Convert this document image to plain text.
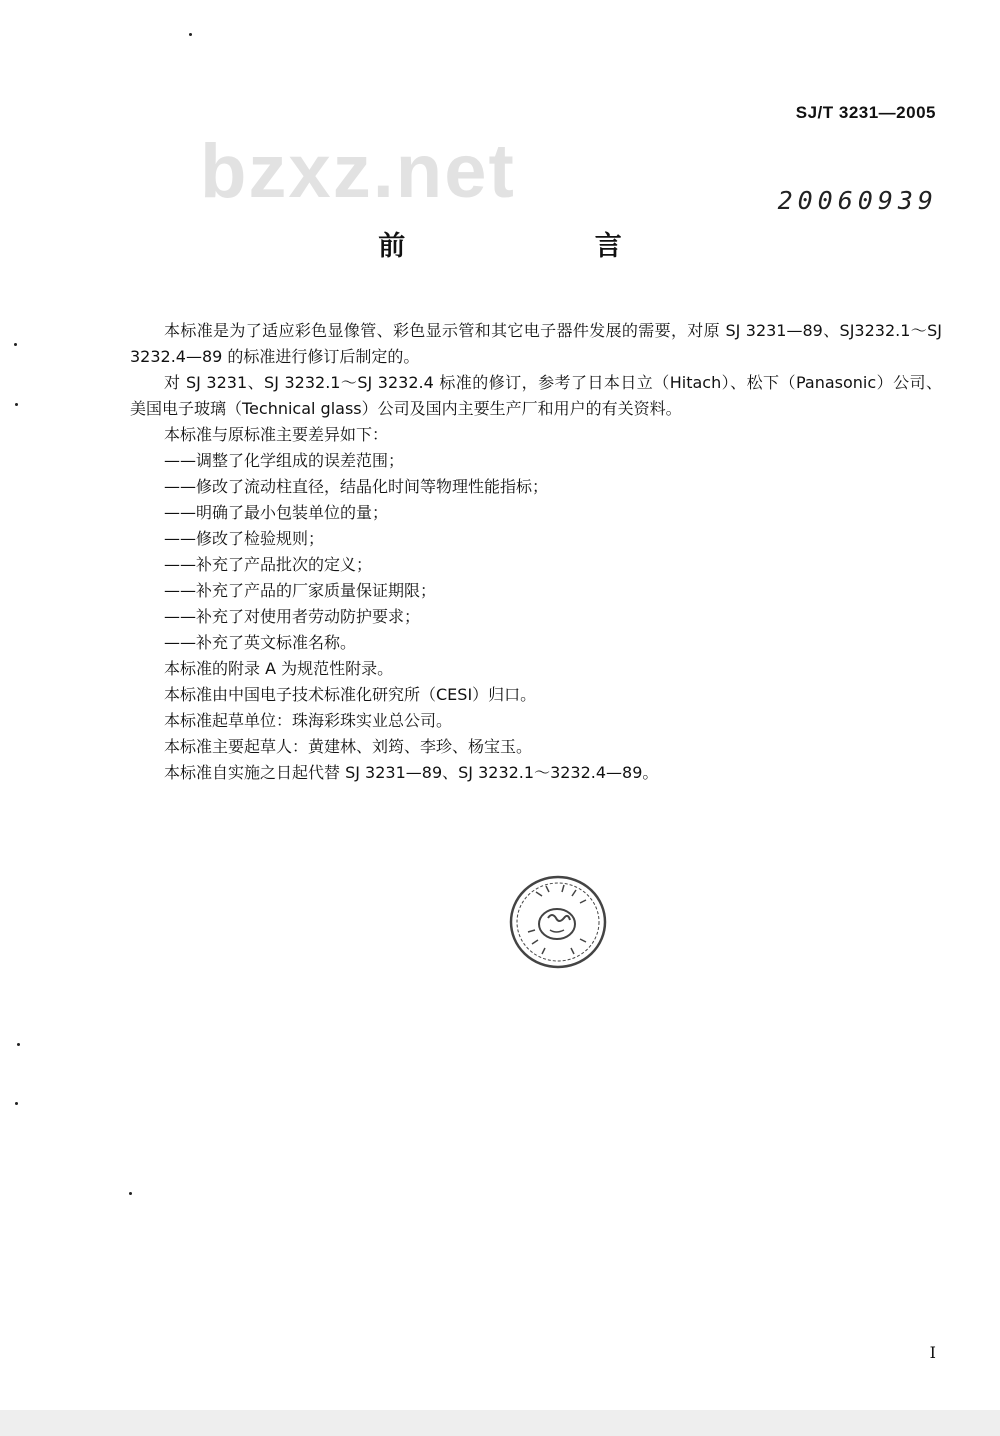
bzxz.net
SJ/T 3231—2005
20060939
前 言

本标准是为了适应彩色显像管、彩色显示管和其它电子器件发展的需要，对原 SJ 3231—89、SJ3232.1～SJ 3232.4—89 的标准进行修订后制定的。

对 SJ 3231、SJ 3232.1～SJ 3232.4 标准的修订，参考了日本日立（Hitach）、松下（Panasonic）公司、美国电子玻璃（Technical glass）公司及国内主要生产厂和用户的有关资料。

本标准与原标准主要差异如下：

——调整了化学组成的误差范围；

——修改了流动柱直径，结晶化时间等物理性能指标；

——明确了最小包装单位的量；

——修改了检验规则；

——补充了产品批次的定义；

——补充了产品的厂家质量保证期限；

——补充了对使用者劳动防护要求；

——补充了英文标准名称。

本标准的附录 A 为规范性附录。

本标准由中国电子技术标准化研究所（CESI）归口。

本标准起草单位：珠海彩珠实业总公司。

本标准主要起草人：黄建林、刘筠、李珍、杨宝玉。

本标准自实施之日起代替 SJ 3231—89、SJ 3232.1～3232.4—89。

I
